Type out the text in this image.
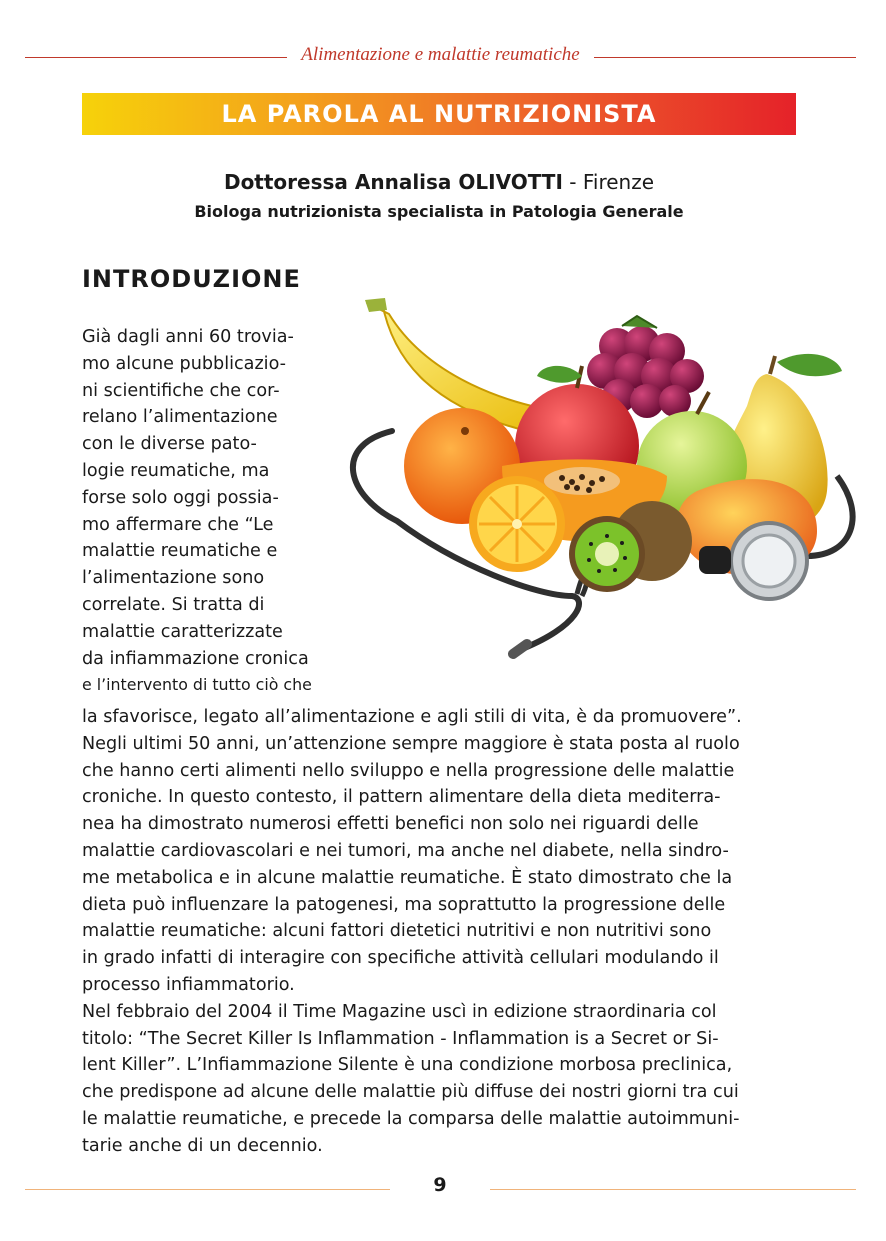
Alimentazione e malattie reumatiche
LA PAROLA AL NUTRIZIONISTA
Dottoressa Annalisa OLIVOTTI - Firenze
Biologa nutrizionista specialista in Patologia Generale
INTRODUZIONE
Già dagli anni 60 trovia-
mo alcune pubblicazio-
ni scientifiche che cor-
relano l’alimentazione
con le diverse pato-
logie reumatiche, ma
forse solo oggi possia-
mo affermare che “Le
malattie reumatiche e
l’alimentazione sono
correlate. Si tratta di
malattie caratterizzate
da infiammazione cronica
e l’intervento di tutto ciò che
la sfavorisce, legato all’alimentazione e agli stili di vita, è da promuovere”.
Negli ultimi 50 anni, un’attenzione sempre maggiore è stata posta al ruolo
che hanno certi alimenti nello sviluppo e nella progressione delle malattie
croniche. In questo contesto, il pattern alimentare della dieta mediterra-
nea ha dimostrato numerosi effetti benefici non solo nei riguardi delle
malattie cardiovascolari e nei tumori, ma anche nel diabete, nella sindro-
me metabolica e in alcune malattie reumatiche. È stato dimostrato che la
dieta può influenzare la patogenesi, ma soprattutto la progressione delle
malattie reumatiche: alcuni fattori dietetici nutritivi e non nutritivi sono
in grado infatti di interagire con specifiche attività cellulari modulando il
processo infiammatorio.
Nel febbraio del 2004 il Time Magazine uscì in edizione straordinaria col
titolo: “The Secret Killer Is Inflammation - Inflammation is a Secret or Si-
lent Killer”. L’Infiammazione Silente è una condizione morbosa preclinica,
che predispone ad alcune delle malattie più diffuse dei nostri giorni tra cui
le malattie reumatiche, e precede la comparsa delle malattie autoimmuni-
tarie anche di un decennio.
9
